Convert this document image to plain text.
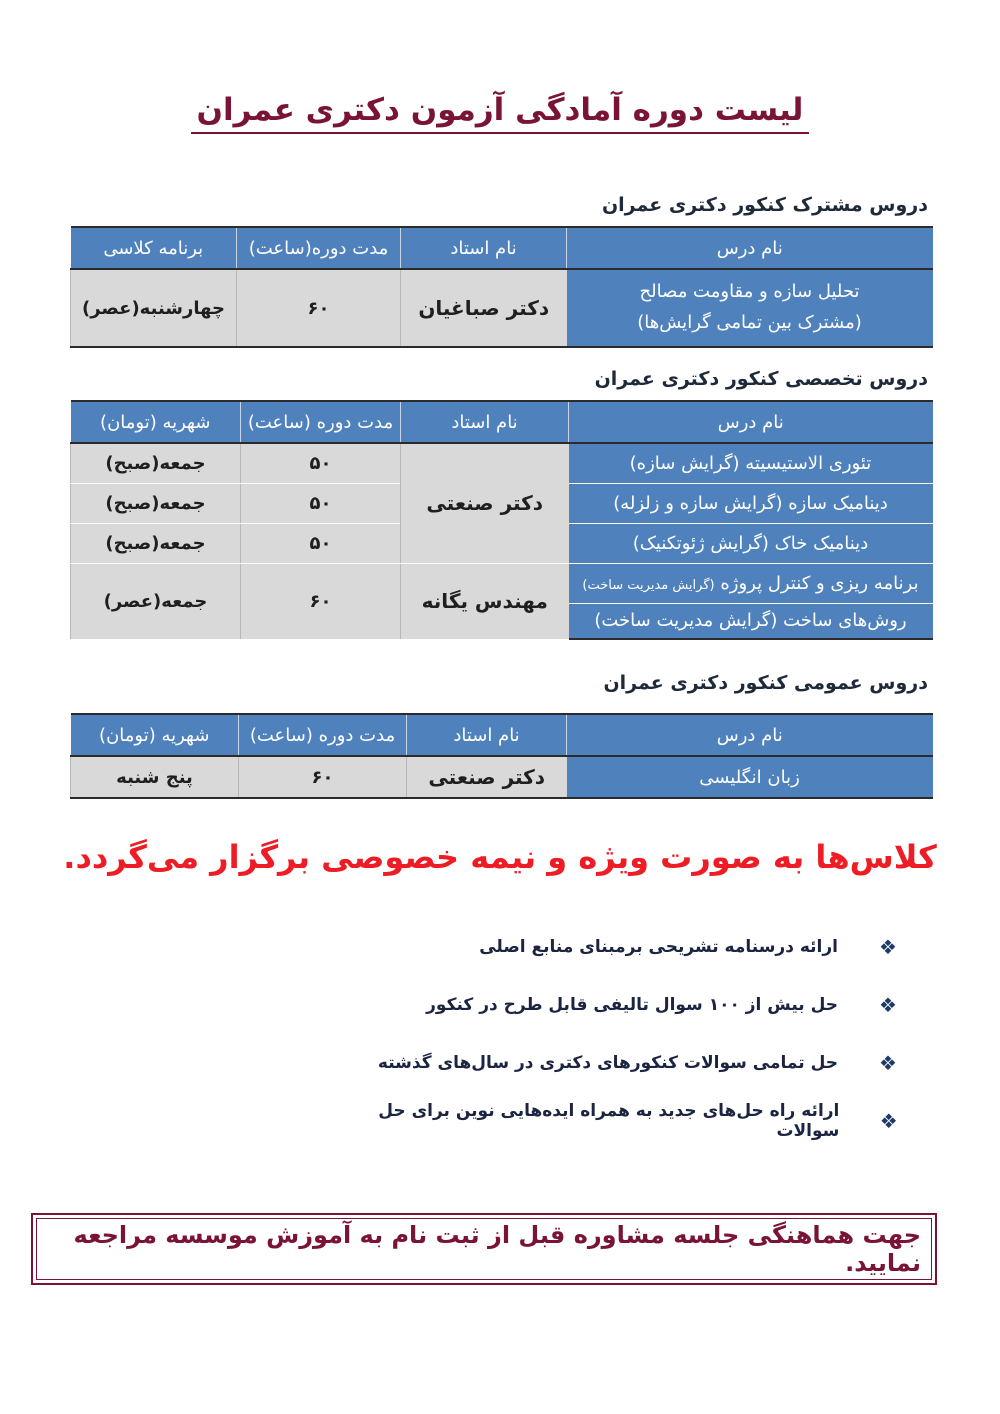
لیست دوره آمادگی آزمون دکتری عمران
دروس مشترک کنکور دکتری عمران
نام درس	نام استاد	مدت دوره(ساعت)	برنامه کلاسی

تحلیل سازه و مقاومت مصالح
(مشترک بین تمامی گرایش‌ها)	دکتر صباغیان	۶۰	چهارشنبه(عصر)
دروس تخصصی کنکور دکتری عمران
نام درس	نام استاد	مدت دوره (ساعت)	شهریه (تومان)
تئوری الاستیسیته (گرایش سازه)	دکتر صنعتی	۵۰	جمعه(صبح)
دینامیک سازه (گرایش سازه و زلزله)		۵۰	جمعه(صبح)
دینامیک خاک (گرایش ژئوتکنیک)		۵۰	جمعه(صبح)
برنامه ریزی و کنترل پروژه (گرایش مدیریت ساخت)	مهندس یگانه	۶۰	جمعه(عصر)
روش‌های ساخت (گرایش مدیریت ساخت)			
دروس عمومی کنکور دکتری عمران
نام درس	نام استاد	مدت دوره (ساعت)	شهریه (تومان)
زبان انگلیسی	دکتر صنعتی	۶۰	پنج شنبه
کلاس‌ها به صورت ویژه و نیمه خصوصی برگزار می‌گردد.
❖
ارائه درسنامه تشریحی برمبنای منابع اصلی
❖
حل بیش از ۱۰۰ سوال تالیفی قابل طرح در کنکور
❖
حل تمامی سوالات کنکورهای دکتری در سال‌های گذشته
❖
ارائه راه حل‌های جدید به همراه ایده‌هایی نوین برای حل سوالات
جهت هماهنگی جلسه مشاوره قبل از ثبت نام به آموزش موسسه مراجعه نمایید.
